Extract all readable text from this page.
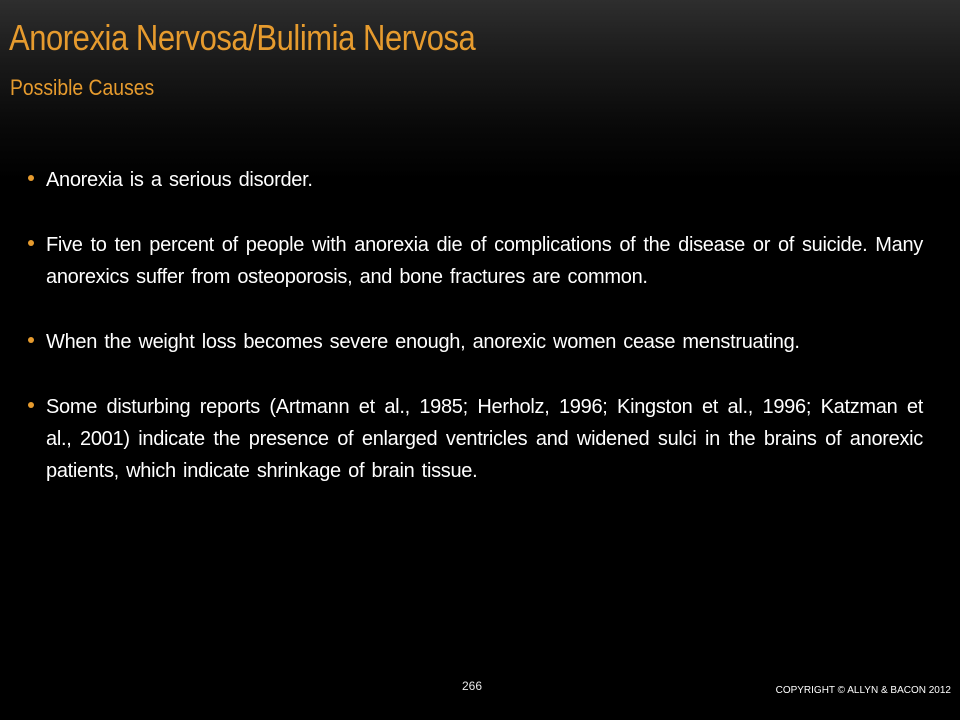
Anorexia Nervosa/Bulimia Nervosa
Possible Causes
Anorexia is a serious disorder.
Five to ten percent of people with anorexia die of complications of the disease or of suicide. Many anorexics suffer from osteoporosis, and bone fractures are common.
When the weight loss becomes severe enough, anorexic women cease menstruating.
Some disturbing reports (Artmann et al., 1985; Herholz, 1996; Kingston et al., 1996; Katzman et al., 2001) indicate the presence of enlarged ventricles and widened sulci in the brains of anorexic patients, which indicate shrinkage of brain tissue.
266	COPYRIGHT © ALLYN & BACON 2012
